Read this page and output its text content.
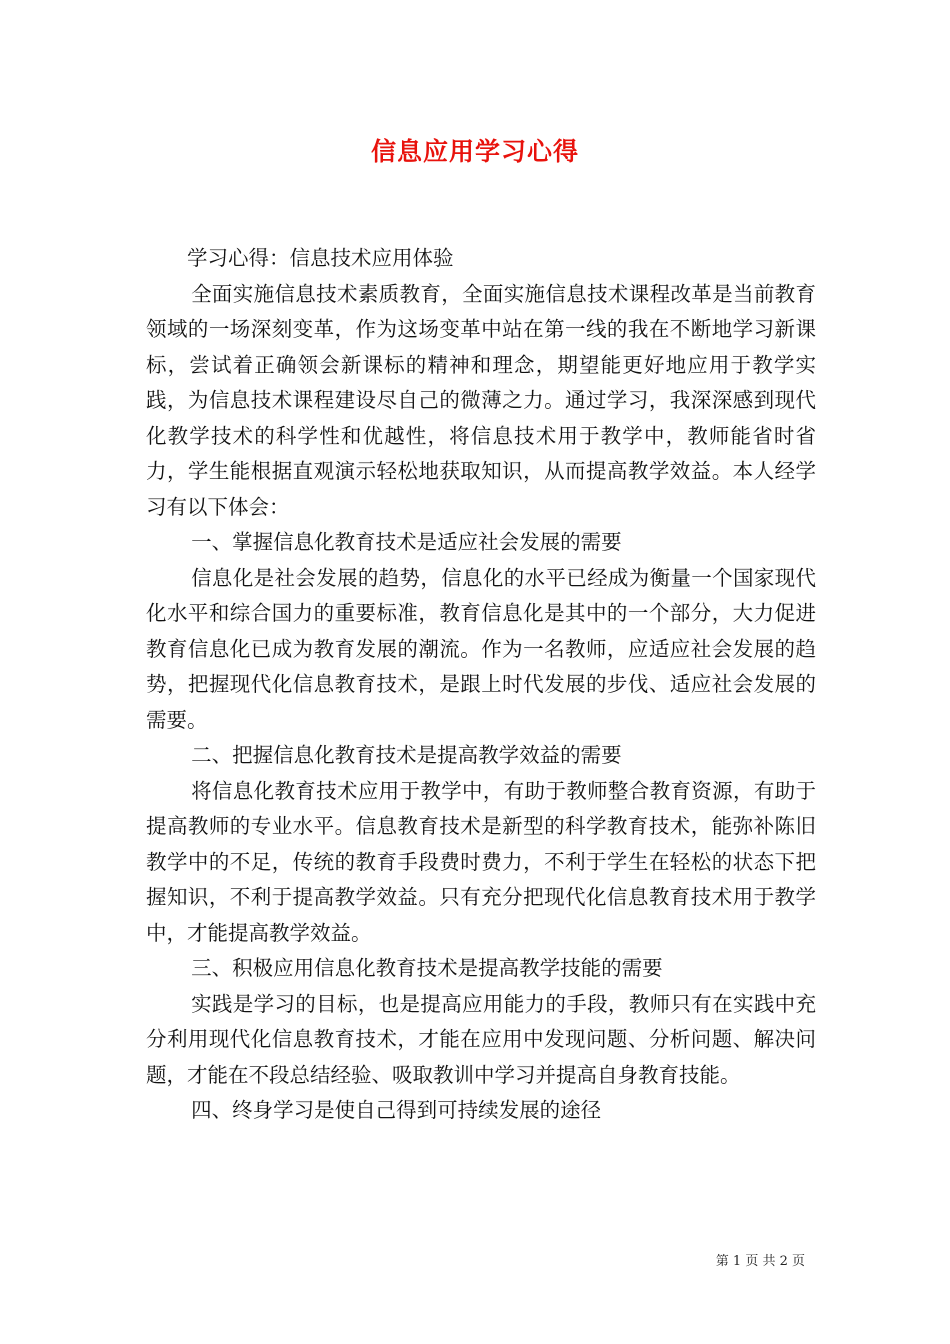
信息应用学习心得

学习心得：信息技术应用体验

全面实施信息技术素质教育，全面实施信息技术课程改革是当前教育领域的一场深刻变革，作为这场变革中站在第一线的我在不断地学习新课标，尝试着正确领会新课标的精神和理念，期望能更好地应用于教学实践，为信息技术课程建设尽自己的微薄之力。通过学习，我深深感到现代化教学技术的科学性和优越性，将信息技术用于教学中，教师能省时省力，学生能根据直观演示轻松地获取知识，从而提高教学效益。本人经学习有以下体会：

一、掌握信息化教育技术是适应社会发展的需要

信息化是社会发展的趋势，信息化的水平已经成为衡量一个国家现代化水平和综合国力的重要标准，教育信息化是其中的一个部分，大力促进教育信息化已成为教育发展的潮流。作为一名教师，应适应社会发展的趋势，把握现代化信息教育技术，是跟上时代发展的步伐、适应社会发展的需要。

二、把握信息化教育技术是提高教学效益的需要

将信息化教育技术应用于教学中，有助于教师整合教育资源，有助于提高教师的专业水平。信息教育技术是新型的科学教育技术，能弥补陈旧教学中的不足，传统的教育手段费时费力，不利于学生在轻松的状态下把握知识，不利于提高教学效益。只有充分把现代化信息教育技术用于教学中，才能提高教学效益。

三、积极应用信息化教育技术是提高教学技能的需要

实践是学习的目标，也是提高应用能力的手段，教师只有在实践中充分利用现代化信息教育技术，才能在应用中发现问题、分析问题、解决问题，才能在不段总结经验、吸取教训中学习并提高自身教育技能。

四、终身学习是使自己得到可持续发展的途径

第 1 页 共 2 页
